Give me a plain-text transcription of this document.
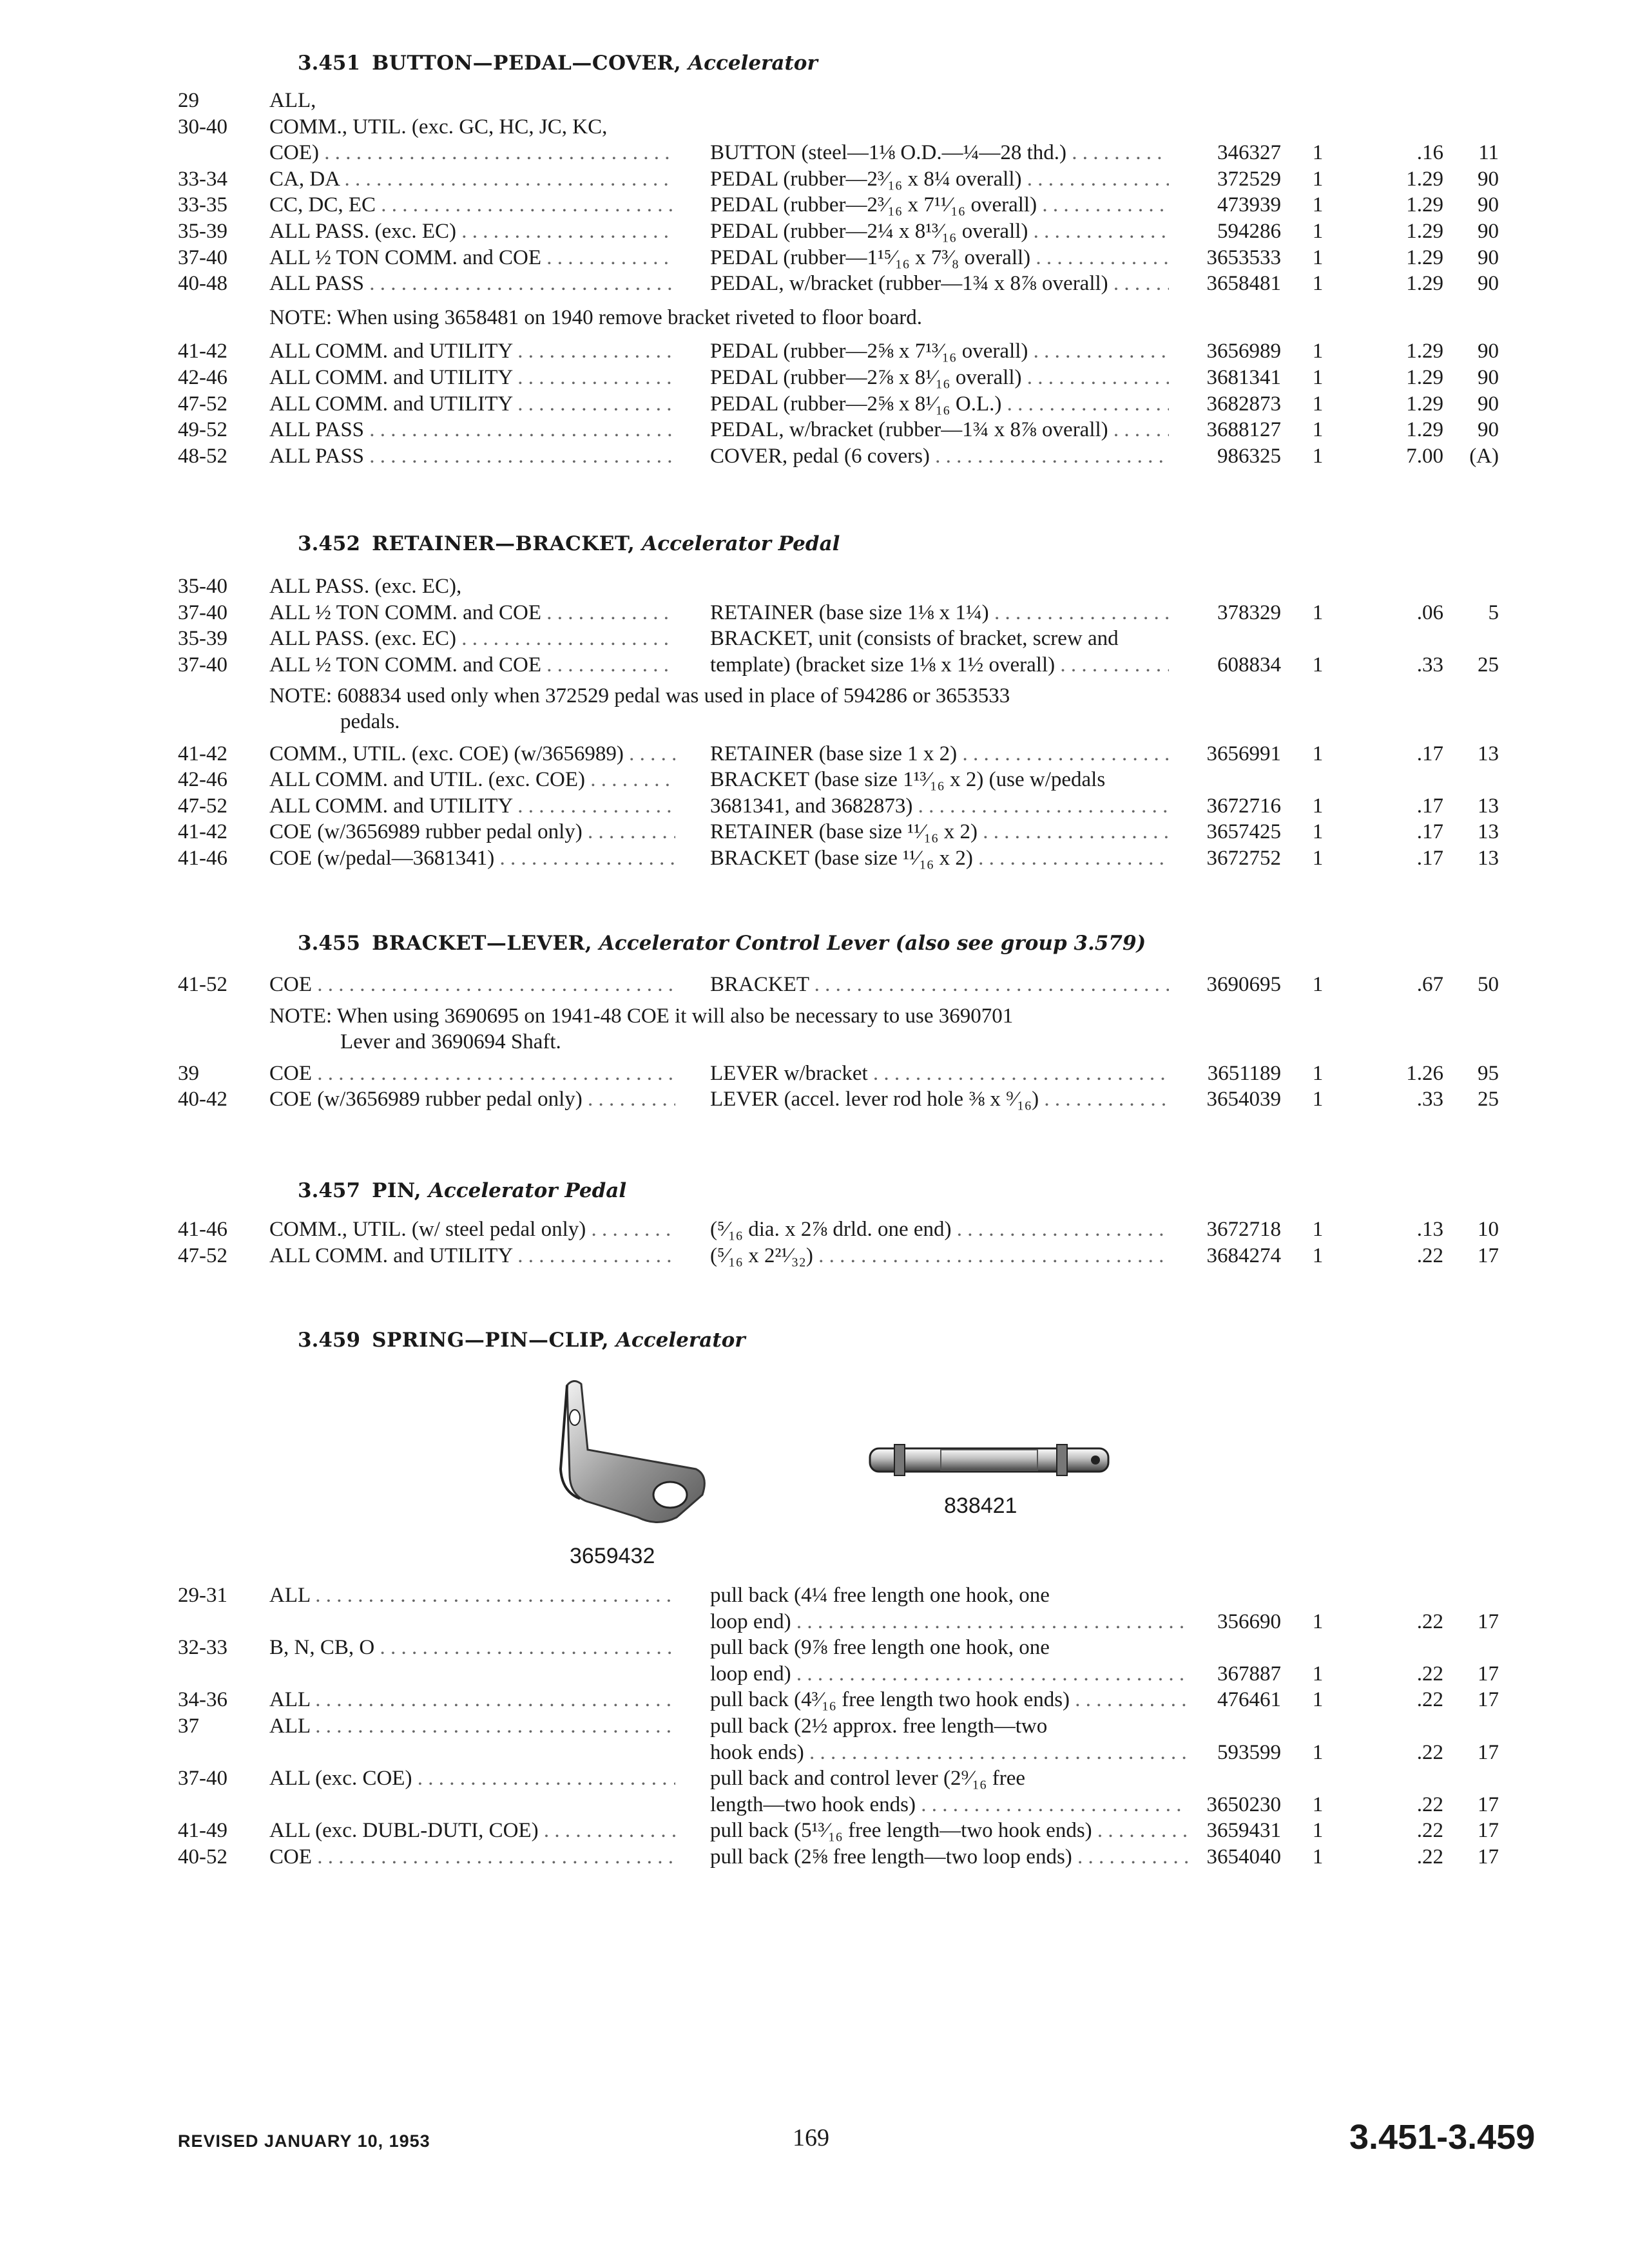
3.451 BUTTON—PEDAL—COVER, Accelerator
29	ALL,
30-40	COMM., UTIL. (exc. GC, HC, JC, KC,
COE) . . .	BUTTON (steel—1⅛ O.D.—¼—28 thd.) . . .	346327	1	.16	11
33-34	CA, DA . . .	PEDAL (rubber—2³⁄₁₆ x 8¼ overall) . . .	372529	1	1.29	90
33-35	CC, DC, EC . . .	PEDAL (rubber—2³⁄₁₆ x 7¹¹⁄₁₆ overall) . . .	473939	1	1.29	90
35-39	ALL PASS. (exc. EC) . . .	PEDAL (rubber—2¼ x 8¹³⁄₁₆ overall) . . .	594286	1	1.29	90
37-40	ALL ½ TON COMM. and COE . . .	PEDAL (rubber—1¹⁵⁄₁₆ x 7³⁄₈ overall) . . .	3653533	1	1.29	90
40-48	ALL PASS . . .	PEDAL, w/bracket (rubber—1¾ x 8⅞ overall) . . .	3658481	1	1.29	90
NOTE: When using 3658481 on 1940 remove bracket riveted to floor board.
41-42	ALL COMM. and UTILITY . . .	PEDAL (rubber—2⅝ x 7¹³⁄₁₆ overall) . . .	3656989	1	1.29	90
42-46	ALL COMM. and UTILITY . . .	PEDAL (rubber—2⅞ x 8¹⁄₁₆ overall) . . .	3681341	1	1.29	90
47-52	ALL COMM. and UTILITY . . .	PEDAL (rubber—2⅝ x 8¹⁄₁₆ O.L.) . . .	3682873	1	1.29	90
49-52	ALL PASS . . .	PEDAL, w/bracket (rubber—1¾ x 8⅞ overall) . . .	3688127	1	1.29	90
48-52	ALL PASS . . .	COVER, pedal (6 covers) . . .	986325	1	7.00	(A)
3.452 RETAINER—BRACKET, Accelerator Pedal
35-40	ALL PASS. (exc. EC),
37-40	ALL ½ TON COMM. and COE . . .	RETAINER (base size 1⅛ x 1¼) . . .	378329	1	.06	5
35-39	ALL PASS. (exc. EC) . . .	BRACKET, unit (consists of bracket, screw and
37-40	ALL ½ TON COMM. and COE . . .	template) (bracket size 1⅛ x 1½ overall) . . .	608834	1	.33	25
NOTE: 608834 used only when 372529 pedal was used in place of 594286 or 3653533
pedals.
41-42	COMM., UTIL. (exc. COE) (w/3656989) . . .	RETAINER (base size 1 x 2) . . .	3656991	1	.17	13
42-46	ALL COMM. and UTIL. (exc. COE) . . .	BRACKET (base size 1¹³⁄₁₆ x 2) (use w/pedals
47-52	ALL COMM. and UTILITY . . .	3681341, and 3682873) . . .	3672716	1	.17	13
41-42	COE (w/3656989 rubber pedal only) . . .	RETAINER (base size ¹¹⁄₁₆ x 2) . . .	3657425	1	.17	13
41-46	COE (w/pedal—3681341) . . .	BRACKET (base size ¹¹⁄₁₆ x 2) . . .	3672752	1	.17	13
3.455 BRACKET—LEVER, Accelerator Control Lever (also see group 3.579)
41-52	COE . . .	BRACKET . . .	3690695	1	.67	50
NOTE: When using 3690695 on 1941-48 COE it will also be necessary to use 3690701
Lever and 3690694 Shaft.
39	COE . . .	LEVER w/bracket . . .	3651189	1	1.26	95
40-42	COE (w/3656989 rubber pedal only) . . .	LEVER (accel. lever rod hole ⅜ x ⁹⁄₁₆) . . .	3654039	1	.33	25
3.457 PIN, Accelerator Pedal
41-46	COMM., UTIL. (w/ steel pedal only) . . .	(⁵⁄₁₆ dia. x 2⅞ drld. one end) . . .	3672718	1	.13	10
47-52	ALL COMM. and UTILITY . . .	(⁵⁄₁₆ x 2²¹⁄₃₂) . . .	3684274	1	.22	17
3.459 SPRING—PIN—CLIP, Accelerator
29-31	ALL . . .	pull back (4¼ free length one hook, one
loop end) . . .	356690	1	.22	17
32-33	B, N, CB, O . . .	pull back (9⅞ free length one hook, one
loop end) . . .	367887	1	.22	17
34-36	ALL . . .	pull back (4³⁄₁₆ free length two hook ends) . . .	476461	1	.22	17
37	ALL . . .	pull back (2½ approx. free length—two
hook ends) . . .	593599	1	.22	17
37-40	ALL (exc. COE) . . .	pull back and control lever (2⁹⁄₁₆ free
length—two hook ends) . . .	3650230	1	.22	17
41-49	ALL (exc. DUBL-DUTI, COE) . . .	pull back (5¹³⁄₁₆ free length—two hook ends) . . .	3659431	1	.22	17
40-52	COE . . .	pull back (2⅝ free length—two loop ends) . . .	3654040	1	.22	17
3659432
838421
REVISED JANUARY 10, 1953	169	3.451-3.459
